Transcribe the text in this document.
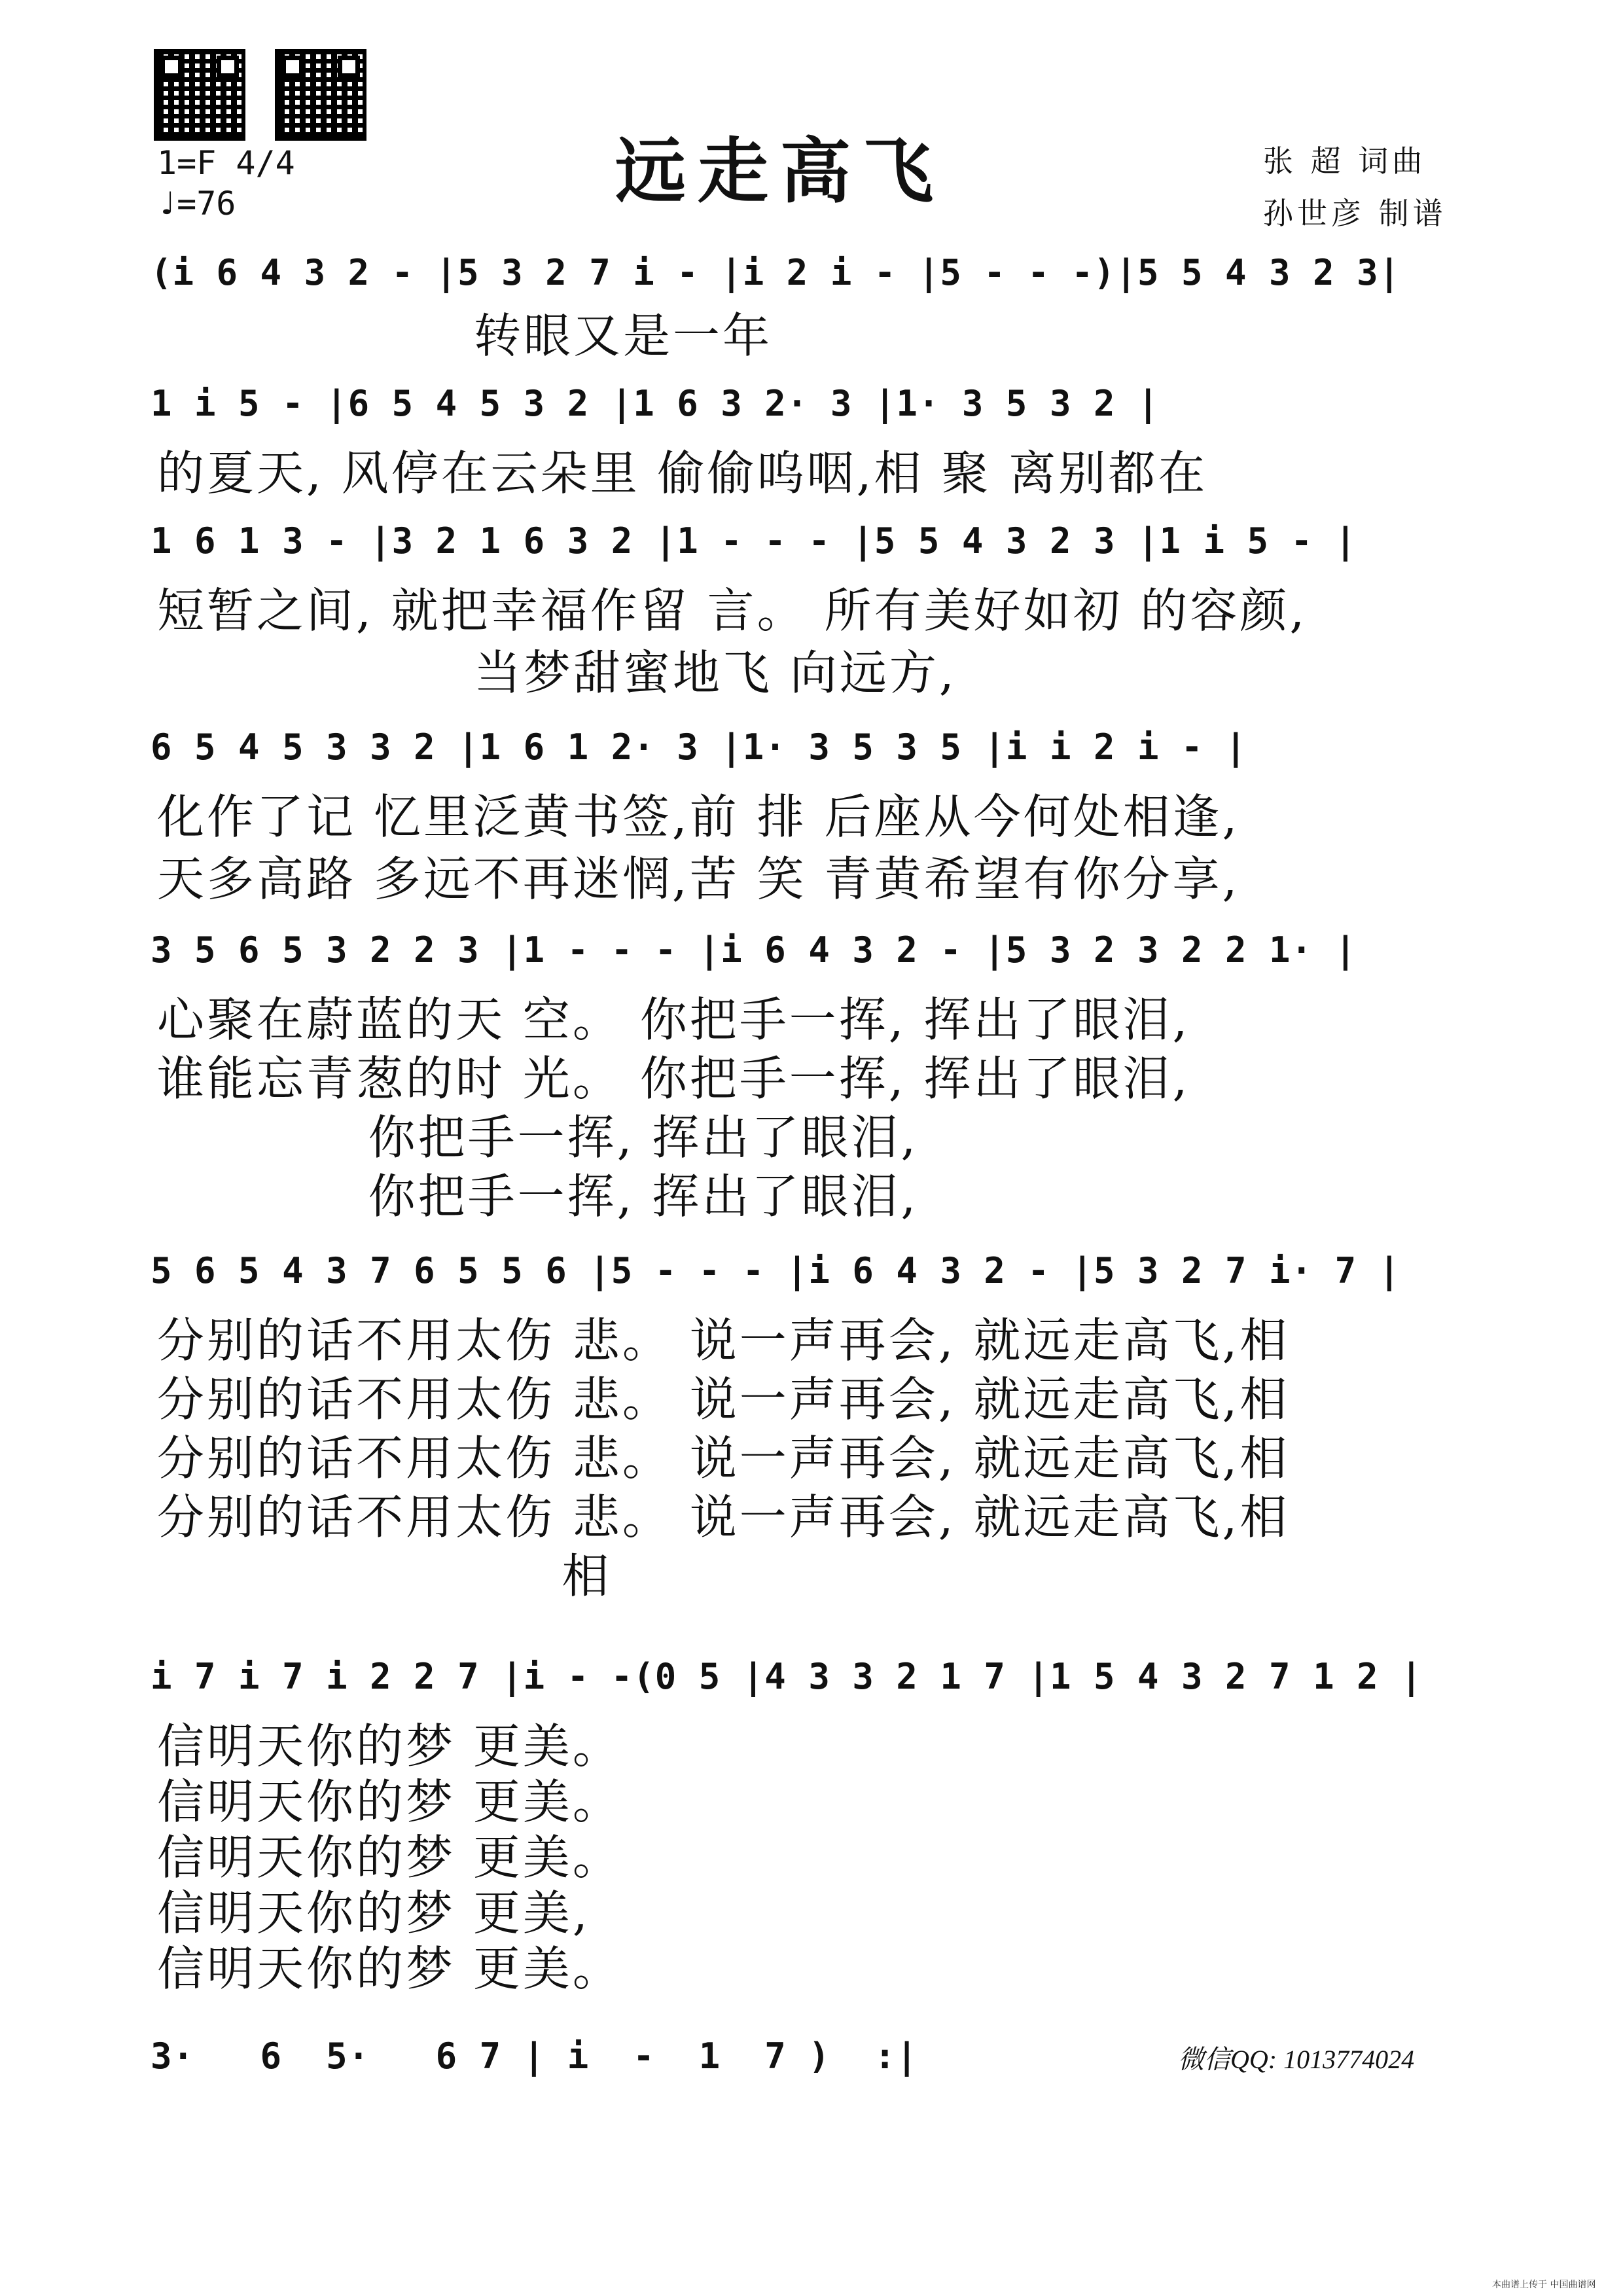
1=F 4/4
♩=76	远走高飞	张 超 词曲
孙世彦 制谱
(i 6 4 3 2 - |5 3 2 7 i - |i 2 i - |5 - - -)|5 5 4 3 2 3|
转眼又是一年
1 i 5 - |6 5 4 5 3 2 |1 6 3 2· 3 |1· 3 5 3 2 |
的夏天, 风停在云朵里 偷偷呜咽,相 聚 离别都在
1 6 1 3 - |3 2 1 6 3 2 |1 - - - |5 5 4 3 2 3 |1 i 5 - |
短暂之间, 就把幸福作留 言。 所有美好如初 的容颜,
当梦甜蜜地飞 向远方,
6 5 4 5 3 3 2 |1 6 1 2· 3 |1· 3 5 3 5 |i i 2 i - |
化作了记 忆里泛黄书签,前 排 后座从今何处相逢,
天多高路 多远不再迷惘,苦 笑 青黄希望有你分享,
3 5 6 5 3 2 2 3 |1 - - - |i 6 4 3 2 - |5 3 2 3 2 2 1· |
心聚在蔚蓝的天 空。 你把手一挥, 挥出了眼泪,
谁能忘青葱的时 光。 你把手一挥, 挥出了眼泪,
你把手一挥, 挥出了眼泪,
你把手一挥, 挥出了眼泪,
5 6 5 4 3 7 6 5 5 6 |5 - - - |i 6 4 3 2 - |5 3 2 7 i· 7 |
分别的话不用太伤 悲。 说一声再会, 就远走高飞,相
分别的话不用太伤 悲。 说一声再会, 就远走高飞,相
分别的话不用太伤 悲。 说一声再会, 就远走高飞,相
分别的话不用太伤 悲。 说一声再会, 就远走高飞,相
相
i 7 i 7 i 2 2 7 |i - -(0 5 |4 3 3 2 1 7 |1 5 4 3 2 7 1 2 |
信明天你的梦 更美。
信明天你的梦 更美。
信明天你的梦 更美。
信明天你的梦 更美,
信明天你的梦 更美。
3·   6  5·   6 7 | i  -  1  7 )  :|	微信QQ: 1013774024
本曲谱上传于 中国曲谱网
